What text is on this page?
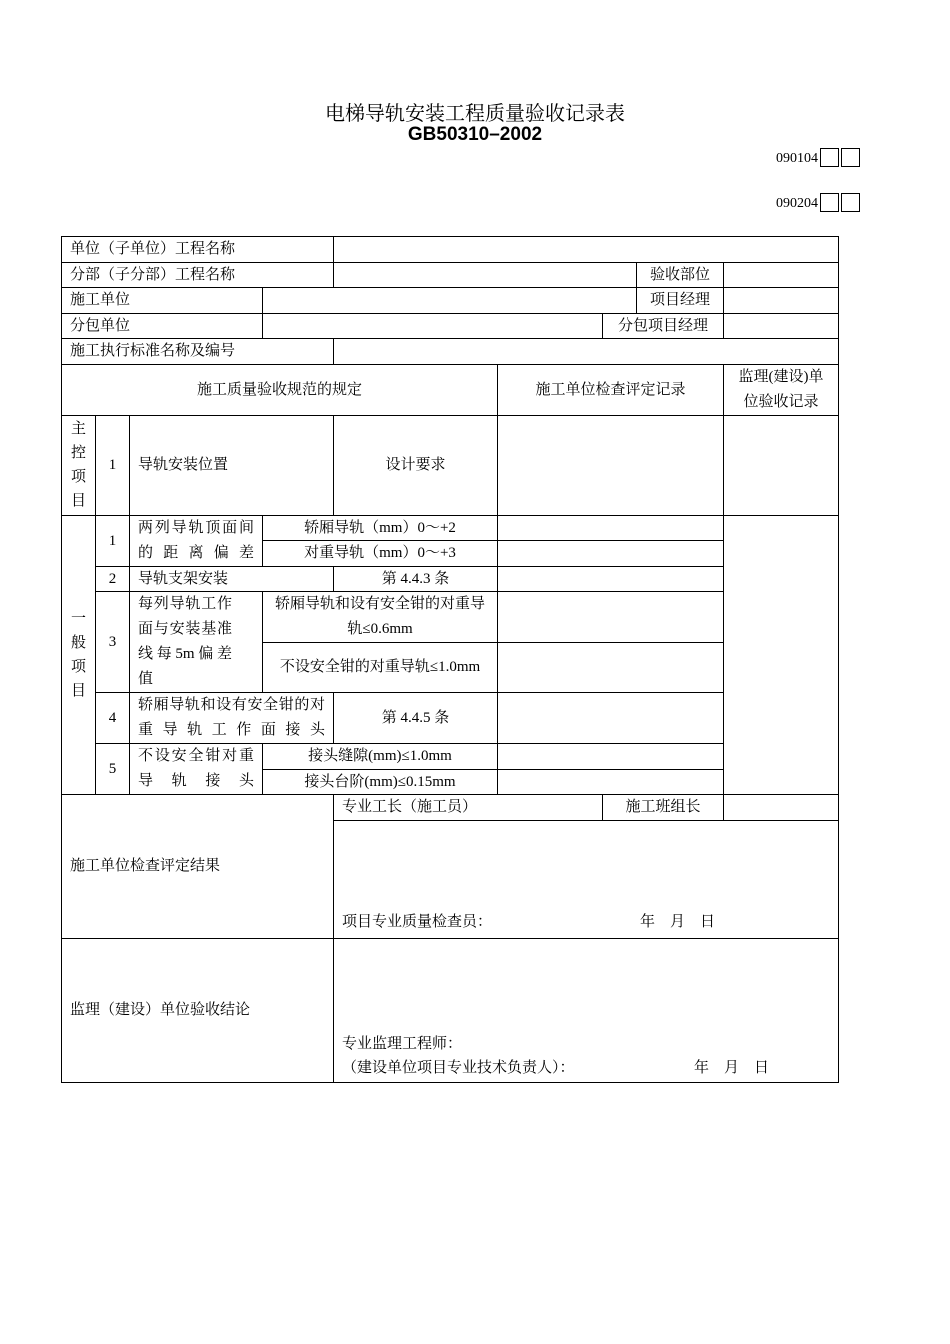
电梯导轨安装工程质量验收记录表
GB50310–2002
090104
090204
单位（子单位）工程名称								
分部（子分部）工程名称							验收部位	
施工单位							项目经理	
分包单位						分包项目经理		
施工执行标准名称及编号								
施工质量验收规范的规定					施工单位检查评定记录			监理(建设)单位验收记录
主控项目	1	导轨安装位置		设计要求				
一般项目	1	两列导轨顶面间的距离偏差	轿厢导轨（mm）0～+2					
			对重导轨（mm）0～+3					
	2	导轨支架安装		第 4.4.3 条				
	3	每列导轨工作面与安装基准线每5m偏差值	轿厢导轨和设有安全钳的对重导轨≤0.6mm					

			不设安全钳的对重导轨≤1.0mm					

	4	轿厢导轨和设有安全钳的对重导轨工作面接头		第 4.4.5 条				

	5	不设安全钳对重导轨接头	接头缝隙(mm)≤1.0mm					
			接头台阶(mm)≤0.15mm					
施工单位检查评定结果				专业工长（施工员）		施工班组长		

				项目专业质量检查员： 年　月　日				

监理（建设）单位验收结论				专业监理工程师：
（建设单位项目专业技术负责人）： 年　月　日				
